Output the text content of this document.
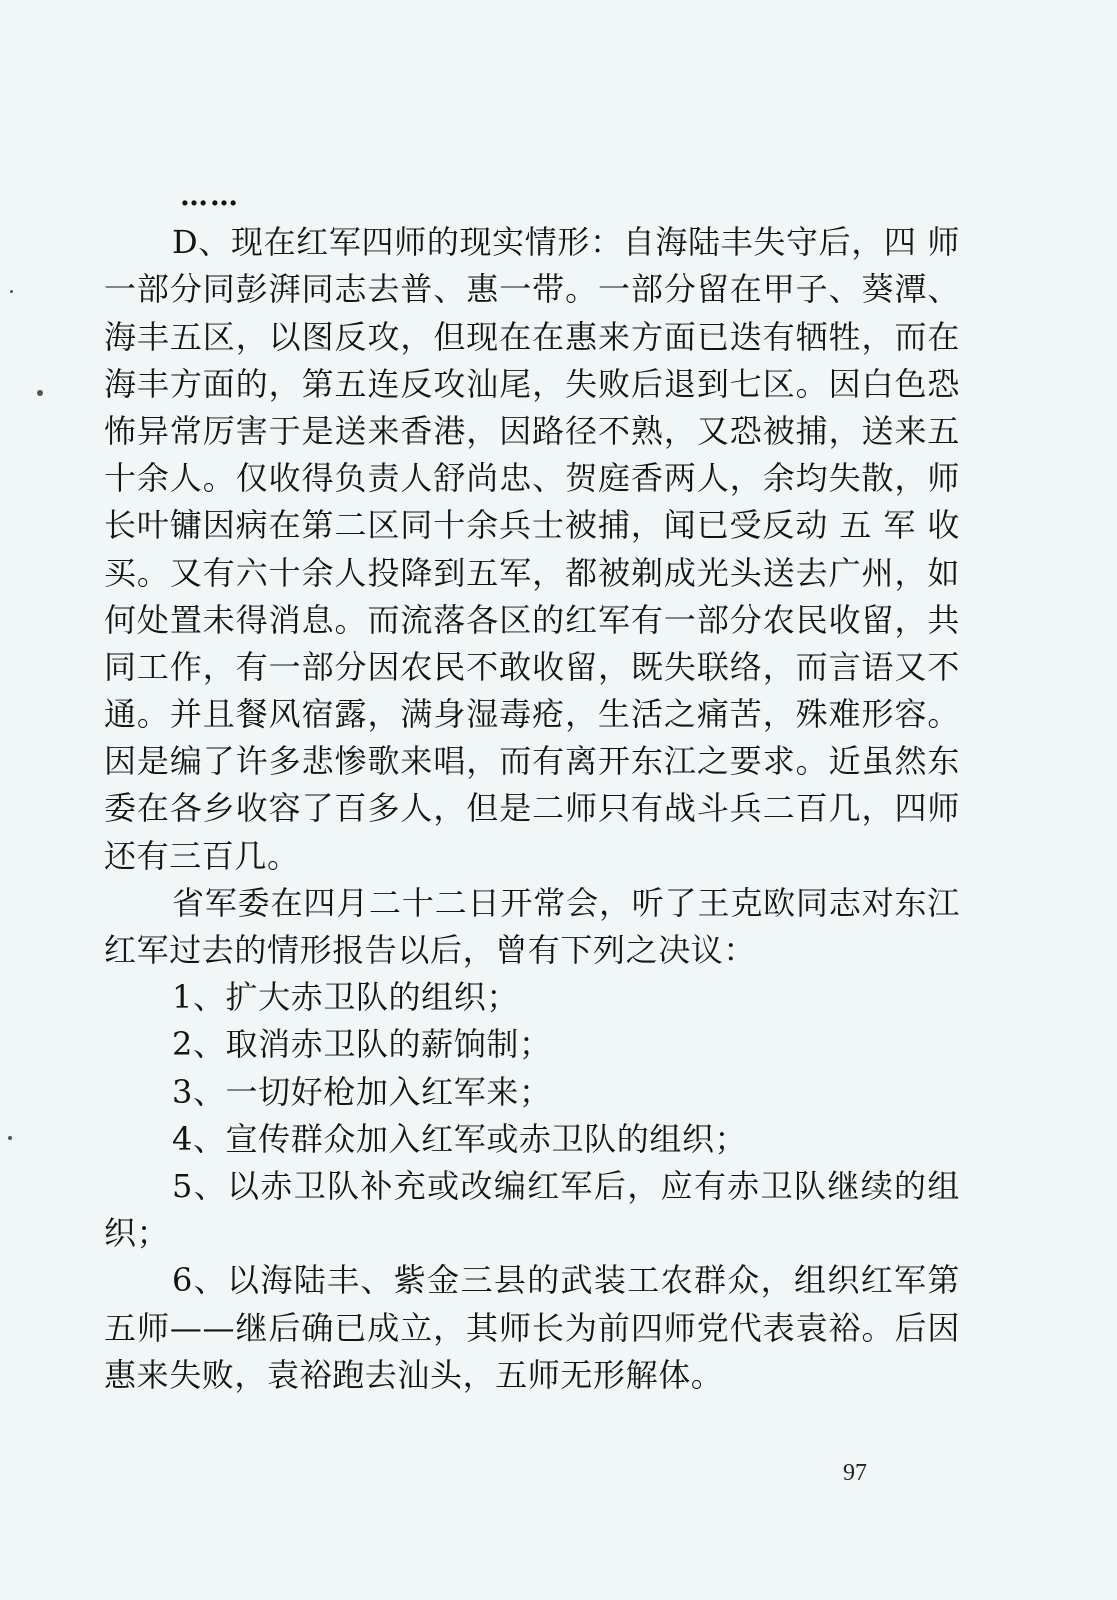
……
D、现在红军四师的现实情形：自海陆丰失守后，四 师
一部分同彭湃同志去普、惠一带。一部分留在甲子、葵潭、
海丰五区，以图反攻，但现在在惠来方面已迭有牺牲，而在
海丰方面的，第五连反攻汕尾，失败后退到七区。因白色恐
怖异常厉害于是送来香港，因路径不熟，又恐被捕，送来五
十余人。仅收得负责人舒尚忠、贺庭香两人，余均失散，师
长叶镛因病在第二区同十余兵士被捕，闻已受反动 五 军 收
买。又有六十余人投降到五军，都被剃成光头送去广州，如
何处置未得消息。而流落各区的红军有一部分农民收留，共
同工作，有一部分因农民不敢收留，既失联络，而言语又不
通。并且餐风宿露，满身湿毒疮，生活之痛苦，殊难形容。
因是编了许多悲惨歌来唱，而有离开东江之要求。近虽然东
委在各乡收容了百多人，但是二师只有战斗兵二百几，四师
还有三百几。
省军委在四月二十二日开常会，听了王克欧同志对东江
红军过去的情形报告以后，曾有下列之决议：
1、扩大赤卫队的组织；
2、取消赤卫队的薪饷制；
3、一切好枪加入红军来；
4、宣传群众加入红军或赤卫队的组织；
5、以赤卫队补充或改编红军后，应有赤卫队继续的组
织；
6、以海陆丰、紫金三县的武装工农群众，组织红军第
五师——继后确已成立，其师长为前四师党代表袁裕。后因
惠来失败，袁裕跑去汕头，五师无形解体。
97
